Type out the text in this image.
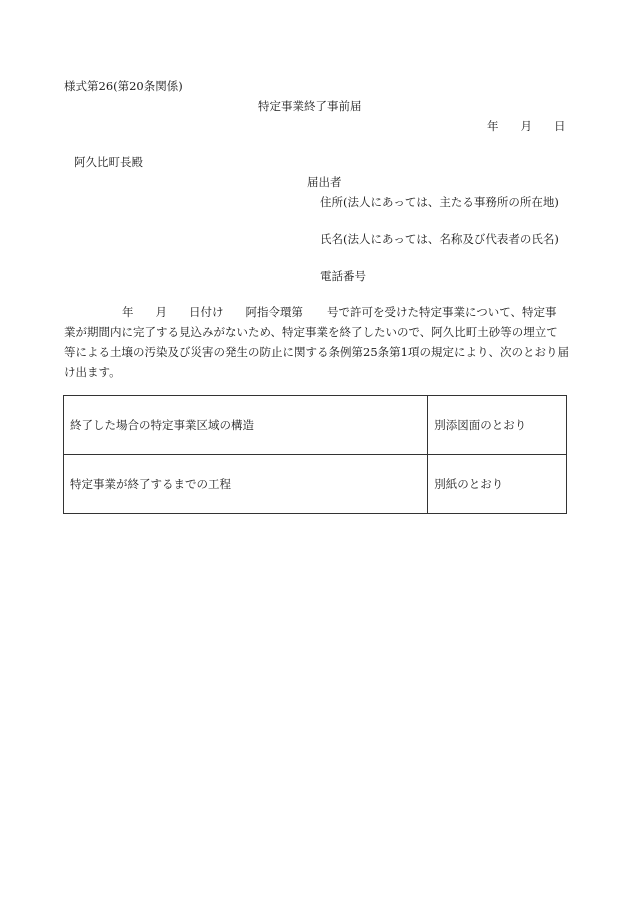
様式第26(第20条関係)
特定事業終了事前届
年 月 日
阿久比町長殿
届出者
住所(法人にあっては、主たる事務所の所在地)
氏名(法人にあっては、名称及び代表者の氏名)
電話番号
年 月 日付け 阿指令環第 号で許可を受けた特定事業について、特定事
業が期間内に完了する見込みがないため、特定事業を終了したいので、阿久比町土砂等の埋立て
等による土壌の汚染及び災害の発生の防止に関する条例第25条第1項の規定により、次のとおり届
け出ます。
終了した場合の特定事業区域の構造	別添図面のとおり
特定事業が終了するまでの工程	別紙のとおり
